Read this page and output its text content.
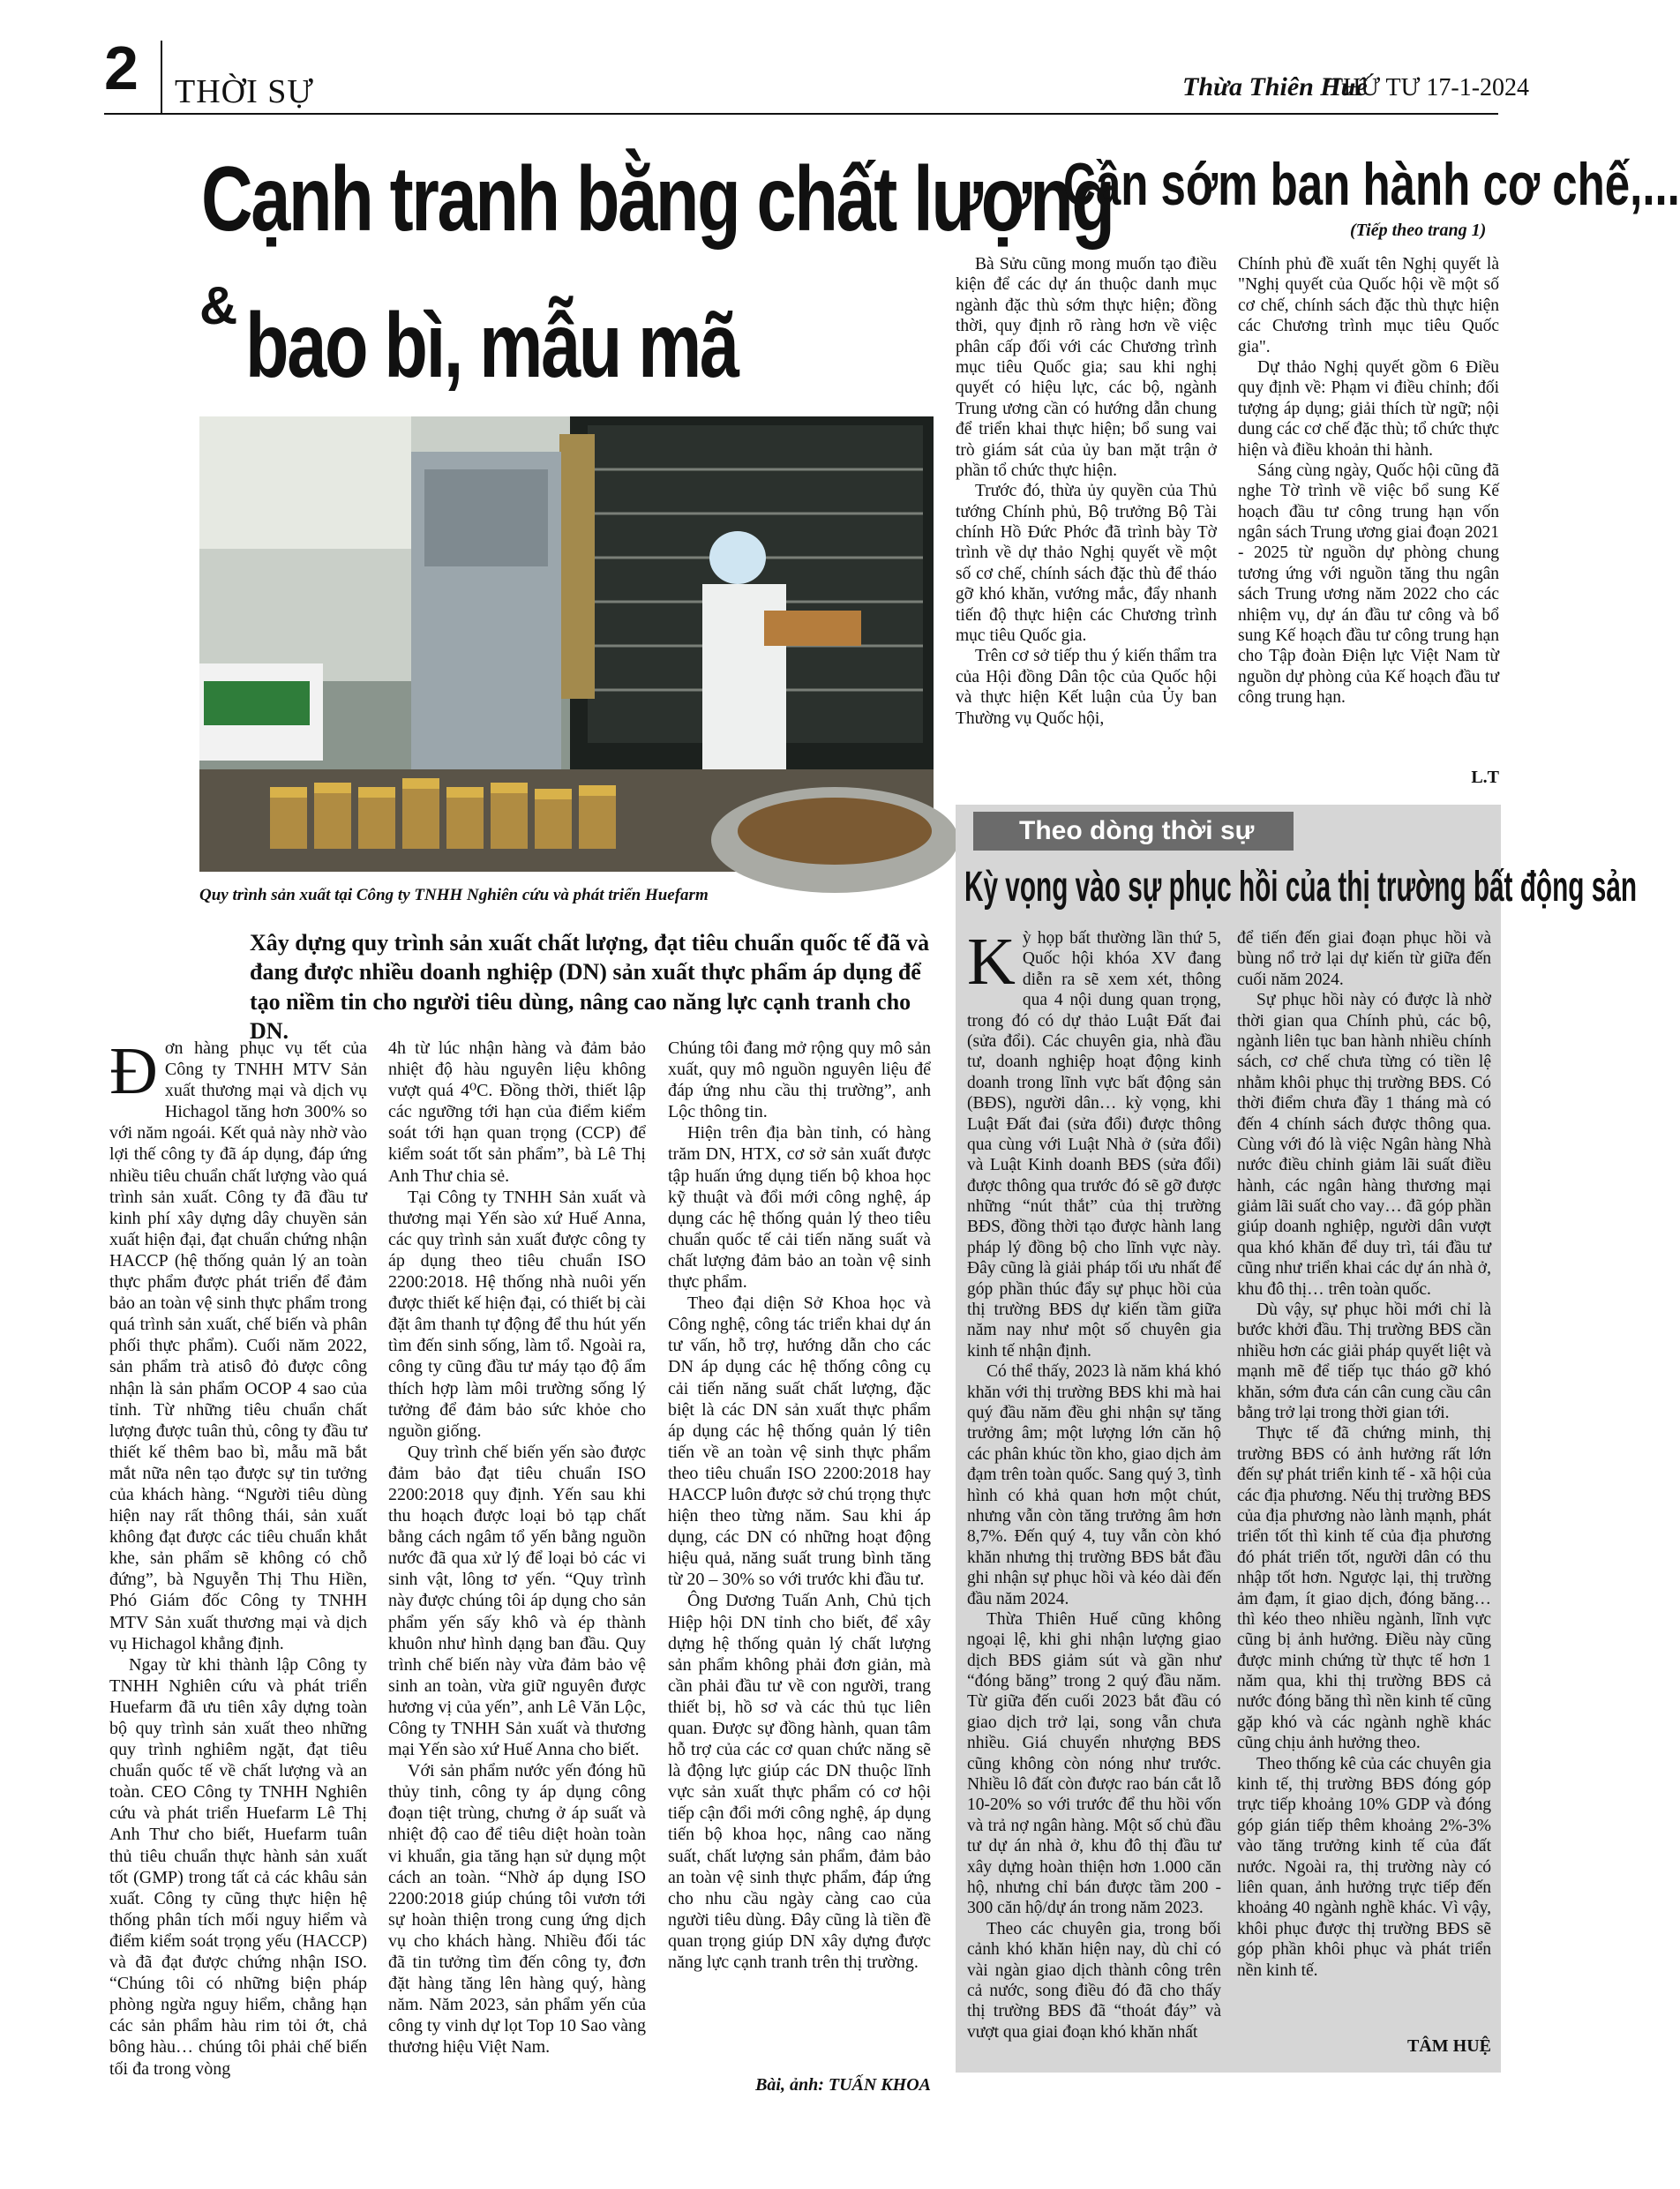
2 THỜI SỰ	Thừa Thiên Huế
THỨ TƯ 17-1-2024
Cạnh tranh bằng chất lượng
& bao bì, mẫu mã
Quy trình sản xuất tại Công ty TNHH Nghiên cứu và phát triển Huefarm
Xây dựng quy trình sản xuất chất lượng, đạt tiêu chuẩn quốc tế đã và đang được nhiều doanh nghiệp (DN) sản xuất thực phẩm áp dụng để tạo niềm tin cho người tiêu dùng, nâng cao năng lực cạnh tranh cho DN.

Đơn hàng phục vụ tết của Công ty TNHH MTV Sản xuất thương mại và dịch vụ Hichagol tăng hơn 300% so với năm ngoái. Kết quả này nhờ vào lợi thế công ty đã áp dụng, đáp ứng nhiều tiêu chuẩn chất lượng vào quá trình sản xuất. Công ty đã đầu tư kinh phí xây dựng dây chuyền sản xuất hiện đại, đạt chuẩn chứng nhận HACCP (hệ thống quản lý an toàn thực phẩm được phát triển để đảm bảo an toàn vệ sinh thực phẩm trong quá trình sản xuất, chế biến và phân phối thực phẩm). Cuối năm 2022, sản phẩm trà atisô đỏ được công nhận là sản phẩm OCOP 4 sao của tỉnh. Từ những tiêu chuẩn chất lượng được tuân thủ, công ty đầu tư thiết kế thêm bao bì, mẫu mã bắt mắt nữa nên tạo được sự tin tưởng của khách hàng. “Người tiêu dùng hiện nay rất thông thái, sản xuất không đạt được các tiêu chuẩn khắt khe, sản phẩm sẽ không có chỗ đứng”, bà Nguyễn Thị Thu Hiền, Phó Giám đốc Công ty TNHH MTV Sản xuất thương mại và dịch vụ Hichagol khẳng định.

Ngay từ khi thành lập Công ty TNHH Nghiên cứu và phát triển Huefarm đã ưu tiên xây dựng toàn bộ quy trình sản xuất theo những quy trình nghiêm ngặt, đạt tiêu chuẩn quốc tế về chất lượng và an toàn. CEO Công ty TNHH Nghiên cứu và phát triển Huefarm Lê Thị Anh Thư cho biết, Huefarm tuân thủ tiêu chuẩn thực hành sản xuất tốt (GMP) trong tất cả các khâu sản xuất. Công ty cũng thực hiện hệ thống phân tích mối nguy hiểm và điểm kiểm soát trọng yếu (HACCP) và đã đạt được chứng nhận ISO. “Chúng tôi có những biện pháp phòng ngừa nguy hiểm, chẳng hạn các sản phẩm hàu rim tỏi ớt, chả bông hàu… chúng tôi phải chế biến tối đa trong vòng

4h từ lúc nhận hàng và đảm bảo nhiệt độ hàu nguyên liệu không vượt quá 4⁰C. Đồng thời, thiết lập các ngưỡng tới hạn của điểm kiểm soát tới hạn quan trọng (CCP) để kiểm soát tốt sản phẩm”, bà Lê Thị Anh Thư chia sẻ.

Tại Công ty TNHH Sản xuất và thương mại Yến sào xứ Huế Anna, các quy trình sản xuất được công ty áp dụng theo tiêu chuẩn ISO 2200:2018. Hệ thống nhà nuôi yến được thiết kế hiện đại, có thiết bị cài đặt âm thanh tự động để thu hút yến tìm đến sinh sống, làm tổ. Ngoài ra, công ty cũng đầu tư máy tạo độ ẩm thích hợp làm môi trường sống lý tưởng để đảm bảo sức khỏe cho nguồn giống.

Quy trình chế biến yến sào được đảm bảo đạt tiêu chuẩn ISO 2200:2018 quy định. Yến sau khi thu hoạch được loại bỏ tạp chất bằng cách ngâm tổ yến bằng nguồn nước đã qua xử lý để loại bỏ các vi sinh vật, lông tơ yến. “Quy trình này được chúng tôi áp dụng cho sản phẩm yến sấy khô và ép thành khuôn như hình dạng ban đầu. Quy trình chế biến này vừa đảm bảo vệ sinh an toàn, vừa giữ nguyên được hương vị của yến”, anh Lê Văn Lộc, Công ty TNHH Sản xuất và thương mại Yến sào xứ Huế Anna cho biết.

Với sản phẩm nước yến đóng hũ thủy tinh, công ty áp dụng công đoạn tiệt trùng, chưng ở áp suất và nhiệt độ cao để tiêu diệt hoàn toàn vi khuẩn, gia tăng hạn sử dụng một cách an toàn. “Nhờ áp dụng ISO 2200:2018 giúp chúng tôi vươn tới sự hoàn thiện trong cung ứng dịch vụ cho khách hàng. Nhiều đối tác đã tin tưởng tìm đến công ty, đơn đặt hàng tăng lên hàng quý, hàng năm. Năm 2023, sản phẩm yến của công ty vinh dự lọt Top 10 Sao vàng thương hiệu Việt Nam.

Chúng tôi đang mở rộng quy mô sản xuất, quy mô nguồn nguyên liệu để đáp ứng nhu cầu thị trường”, anh Lộc thông tin.

Hiện trên địa bàn tỉnh, có hàng trăm DN, HTX, cơ sở sản xuất được tập huấn ứng dụng tiến bộ khoa học kỹ thuật và đổi mới công nghệ, áp dụng các hệ thống quản lý theo tiêu chuẩn quốc tế cải tiến năng suất và chất lượng đảm bảo an toàn vệ sinh thực phẩm.

Theo đại diện Sở Khoa học và Công nghệ, công tác triển khai dự án tư vấn, hỗ trợ, hướng dẫn cho các DN áp dụng các hệ thống công cụ cải tiến năng suất chất lượng, đặc biệt là các DN sản xuất thực phẩm áp dụng các hệ thống quản lý tiên tiến về an toàn vệ sinh thực phẩm theo tiêu chuẩn ISO 2200:2018 hay HACCP luôn được sở chú trọng thực hiện theo từng năm. Sau khi áp dụng, các DN có những hoạt động hiệu quả, năng suất trung bình tăng từ 20 – 30% so với trước khi đầu tư.

Ông Dương Tuấn Anh, Chủ tịch Hiệp hội DN tỉnh cho biết, để xây dựng hệ thống quản lý chất lượng sản phẩm không phải đơn giản, mà cần phải đầu tư về con người, trang thiết bị, hồ sơ và các thủ tục liên quan. Được sự đồng hành, quan tâm hỗ trợ của các cơ quan chức năng sẽ là động lực giúp các DN thuộc lĩnh vực sản xuất thực phẩm có cơ hội tiếp cận đổi mới công nghệ, áp dụng tiến bộ khoa học, nâng cao năng suất, chất lượng sản phẩm, đảm bảo an toàn vệ sinh thực phẩm, đáp ứng cho nhu cầu ngày càng cao của người tiêu dùng. Đây cũng là tiền đề quan trọng giúp DN xây dựng được năng lực cạnh tranh trên thị trường.

Bài, ảnh: TUẤN KHOA
Cần sớm ban hành cơ chế,...
(Tiếp theo trang 1)

Bà Sửu cũng mong muốn tạo điều kiện để các dự án thuộc danh mục ngành đặc thù sớm thực hiện; đồng thời, quy định rõ ràng hơn về việc phân cấp đối với các Chương trình mục tiêu Quốc gia; sau khi nghị quyết có hiệu lực, các bộ, ngành Trung ương cần có hướng dẫn chung để triển khai thực hiện; bổ sung vai trò giám sát của ủy ban mặt trận ở phần tổ chức thực hiện.

Trước đó, thừa ủy quyền của Thủ tướng Chính phủ, Bộ trưởng Bộ Tài chính Hồ Đức Phớc đã trình bày Tờ trình về dự thảo Nghị quyết về một số cơ chế, chính sách đặc thù để tháo gỡ khó khăn, vướng mắc, đẩy nhanh tiến độ thực hiện các Chương trình mục tiêu Quốc gia.

Trên cơ sở tiếp thu ý kiến thẩm tra của Hội đồng Dân tộc của Quốc hội và thực hiện Kết luận của Ủy ban Thường vụ Quốc hội,

Chính phủ đề xuất tên Nghị quyết là "Nghị quyết của Quốc hội về một số cơ chế, chính sách đặc thù thực hiện các Chương trình mục tiêu Quốc gia".

Dự thảo Nghị quyết gồm 6 Điều quy định về: Phạm vi điều chỉnh; đối tượng áp dụng; giải thích từ ngữ; nội dung các cơ chế đặc thù; tổ chức thực hiện và điều khoản thi hành.

Sáng cùng ngày, Quốc hội cũng đã nghe Tờ trình về việc bổ sung Kế hoạch đầu tư công trung hạn vốn ngân sách Trung ương giai đoạn 2021 - 2025 từ nguồn dự phòng chung tương ứng với nguồn tăng thu ngân sách Trung ương năm 2022 cho các nhiệm vụ, dự án đầu tư công và bổ sung Kế hoạch đầu tư công trung hạn cho Tập đoàn Điện lực Việt Nam từ nguồn dự phòng của Kế hoạch đầu tư công trung hạn.

L.T
Theo dòng thời sự
Kỳ vọng vào sự phục hồi của thị trường bất động sản

Kỳ họp bất thường lần thứ 5, Quốc hội khóa XV đang diễn ra sẽ xem xét, thông qua 4 nội dung quan trọng, trong đó có dự thảo Luật Đất đai (sửa đổi). Các chuyên gia, nhà đầu tư, doanh nghiệp hoạt động kinh doanh trong lĩnh vực bất động sản (BĐS), người dân… kỳ vọng, khi Luật Đất đai (sửa đổi) được thông qua cùng với Luật Nhà ở (sửa đổi) và Luật Kinh doanh BĐS (sửa đổi) được thông qua trước đó sẽ gỡ được những “nút thắt” của thị trường BĐS, đồng thời tạo được hành lang pháp lý đồng bộ cho lĩnh vực này. Đây cũng là giải pháp tối ưu nhất để góp phần thúc đẩy sự phục hồi của thị trường BĐS dự kiến tầm giữa năm nay như một số chuyên gia kinh tế nhận định.

Có thể thấy, 2023 là năm khá khó khăn với thị trường BĐS khi mà hai quý đầu năm đều ghi nhận sự tăng trưởng âm; một lượng lớn căn hộ các phân khúc tồn kho, giao dịch ảm đạm trên toàn quốc. Sang quý 3, tình hình có khả quan hơn một chút, nhưng vẫn còn tăng trưởng âm hơn 8,7%. Đến quý 4, tuy vẫn còn khó khăn nhưng thị trường BĐS bắt đầu ghi nhận sự phục hồi và kéo dài đến đầu năm 2024.

Thừa Thiên Huế cũng không ngoại lệ, khi ghi nhận lượng giao dịch BĐS giảm sút và gần như “đóng băng” trong 2 quý đầu năm. Từ giữa đến cuối 2023 bắt đầu có giao dịch trở lại, song vẫn chưa nhiều. Giá chuyển nhượng BĐS cũng không còn nóng như trước. Nhiều lô đất còn được rao bán cắt lỗ 10-20% so với trước để thu hồi vốn và trả nợ ngân hàng. Một số chủ đầu tư dự án nhà ở, khu đô thị đầu tư xây dựng hoàn thiện hơn 1.000 căn hộ, nhưng chỉ bán được tầm 200 - 300 căn hộ/dự án trong năm 2023.

Theo các chuyên gia, trong bối cảnh khó khăn hiện nay, dù chỉ có vài ngàn giao dịch thành công trên cả nước, song điều đó đã cho thấy thị trường BĐS đã “thoát đáy” và vượt qua giai đoạn khó khăn nhất

để tiến đến giai đoạn phục hồi và bùng nổ trở lại dự kiến từ giữa đến cuối năm 2024.

Sự phục hồi này có được là nhờ thời gian qua Chính phủ, các bộ, ngành liên tục ban hành nhiều chính sách, cơ chế chưa từng có tiền lệ nhằm khôi phục thị trường BĐS. Có thời điểm chưa đầy 1 tháng mà có đến 4 chính sách được thông qua. Cùng với đó là việc Ngân hàng Nhà nước điều chỉnh giảm lãi suất điều hành, các ngân hàng thương mại giảm lãi suất cho vay… đã góp phần giúp doanh nghiệp, người dân vượt qua khó khăn để duy trì, tái đầu tư cũng như triển khai các dự án nhà ở, khu đô thị… trên toàn quốc.

Dù vậy, sự phục hồi mới chỉ là bước khởi đầu. Thị trường BĐS cần nhiều hơn các giải pháp quyết liệt và mạnh mẽ để tiếp tục tháo gỡ khó khăn, sớm đưa cán cân cung cầu cân bằng trở lại trong thời gian tới.

Thực tế đã chứng minh, thị trường BĐS có ảnh hưởng rất lớn đến sự phát triển kinh tế - xã hội của các địa phương. Nếu thị trường BĐS của địa phương nào lành mạnh, phát triển tốt thì kinh tế của địa phương đó phát triển tốt, người dân có thu nhập tốt hơn. Ngược lại, thị trường ảm đạm, ít giao dịch, đóng băng… thì kéo theo nhiều ngành, lĩnh vực cũng bị ảnh hưởng. Điều này cũng được minh chứng từ thực tế hơn 1 năm qua, khi thị trường BĐS cả nước đóng băng thì nền kinh tế cũng gặp khó và các ngành nghề khác cũng chịu ảnh hưởng theo.

Theo thống kê của các chuyên gia kinh tế, thị trường BĐS đóng góp trực tiếp khoảng 10% GDP và đóng góp gián tiếp thêm khoảng 2%-3% vào tăng trưởng kinh tế của đất nước. Ngoài ra, thị trường này có liên quan, ảnh hưởng trực tiếp đến khoảng 40 ngành nghề khác. Vì vậy, khôi phục được thị trường BĐS sẽ góp phần khôi phục và phát triển nền kinh tế.

TÂM HUỆ
